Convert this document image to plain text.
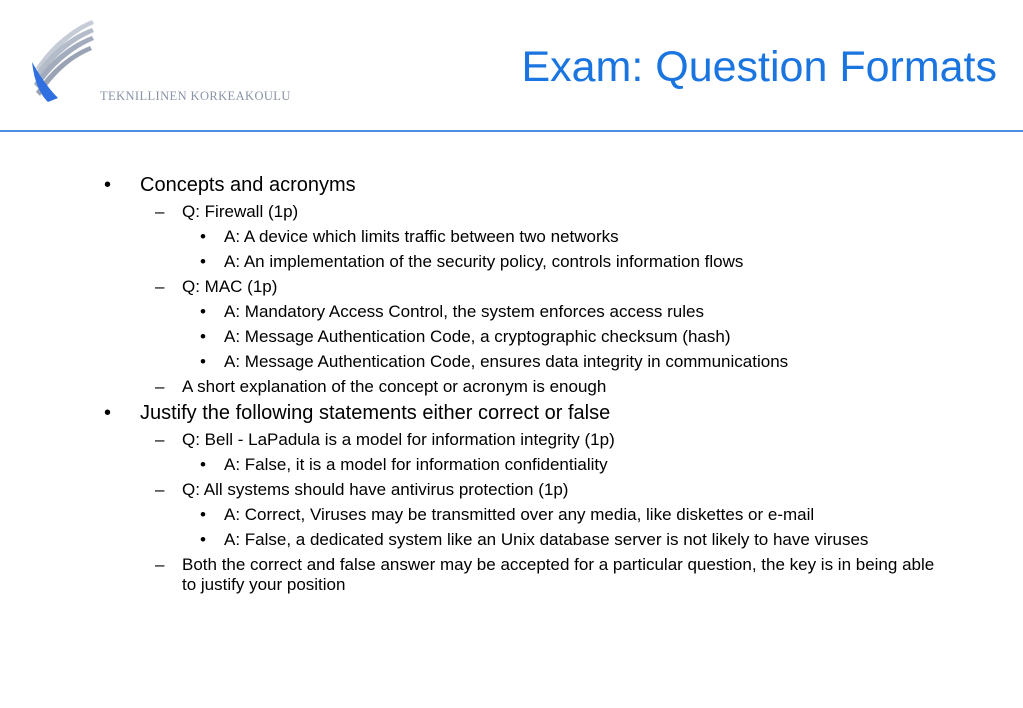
TEKNILLINEN KORKEAKOULU
Exam: Question Formats
• Concepts and acronyms
– Q: Firewall (1p)
• A: A device which limits traffic between two networks
• A: An implementation of the security policy, controls information flows
– Q: MAC (1p)
• A: Mandatory Access Control, the system enforces access rules
• A: Message Authentication Code, a cryptographic checksum (hash)
• A: Message Authentication Code, ensures data integrity in communications
– A short explanation of the concept or acronym is enough
• Justify the following statements either correct or false
– Q: Bell - LaPadula is a model for information integrity (1p)
• A: False, it is a model for information confidentiality
– Q: All systems should have antivirus protection (1p)
• A: Correct, Viruses may be transmitted over any media, like diskettes or e-mail
• A: False, a dedicated system like an Unix database server is not likely to have viruses
– Both the correct and false answer may be accepted for a particular question, the key is in being able to justify your position
